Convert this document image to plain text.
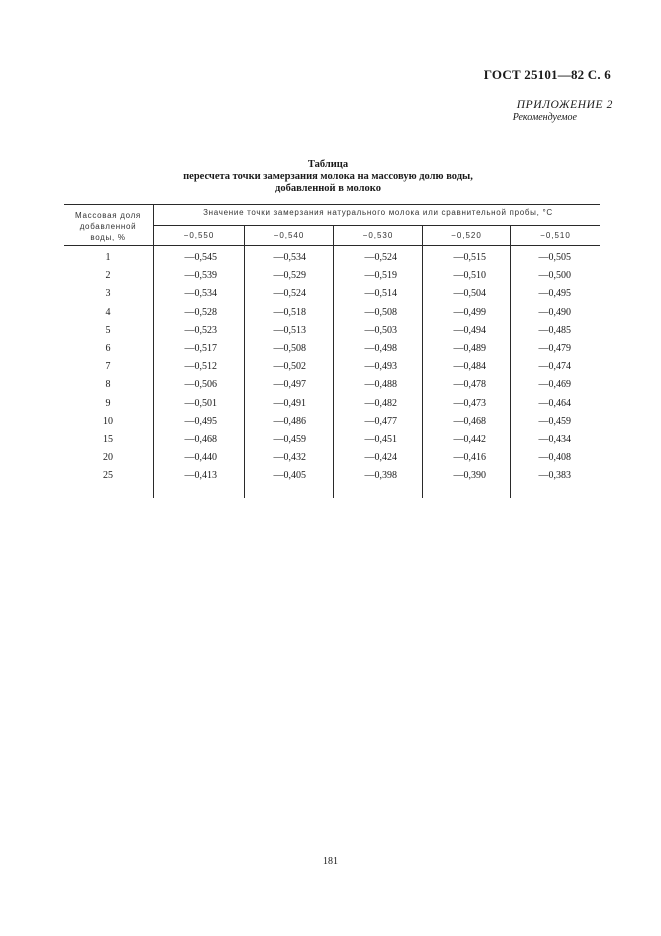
ГОСТ 25101—82 С. 6
ПРИЛОЖЕНИЕ 2
Рекомендуемое
Таблица
пересчета точки замерзания молока на массовую долю воды,
добавленной в молоко
Массовая доля
добавленной
воды, %
Значение точки замерзания натурального молока или сравнительной пробы, °С
−0,550	−0,540	−0,530	−0,520	−0,510
1	—0,545	—0,534	—0,524	—0,515	—0,505
2	—0,539	—0,529	—0,519	—0,510	—0,500
3	—0,534	—0,524	—0,514	—0,504	—0,495
4	—0,528	—0,518	—0,508	—0,499	—0,490
5	—0,523	—0,513	—0,503	—0,494	—0,485
6	—0,517	—0,508	—0,498	—0,489	—0,479
7	—0,512	—0,502	—0,493	—0,484	—0,474
8	—0,506	—0,497	—0,488	—0,478	—0,469
9	—0,501	—0,491	—0,482	—0,473	—0,464
10	—0,495	—0,486	—0,477	—0,468	—0,459
15	—0,468	—0,459	—0,451	—0,442	—0,434
20	—0,440	—0,432	—0,424	—0,416	—0,408
25	—0,413	—0,405	—0,398	—0,390	—0,383
181
